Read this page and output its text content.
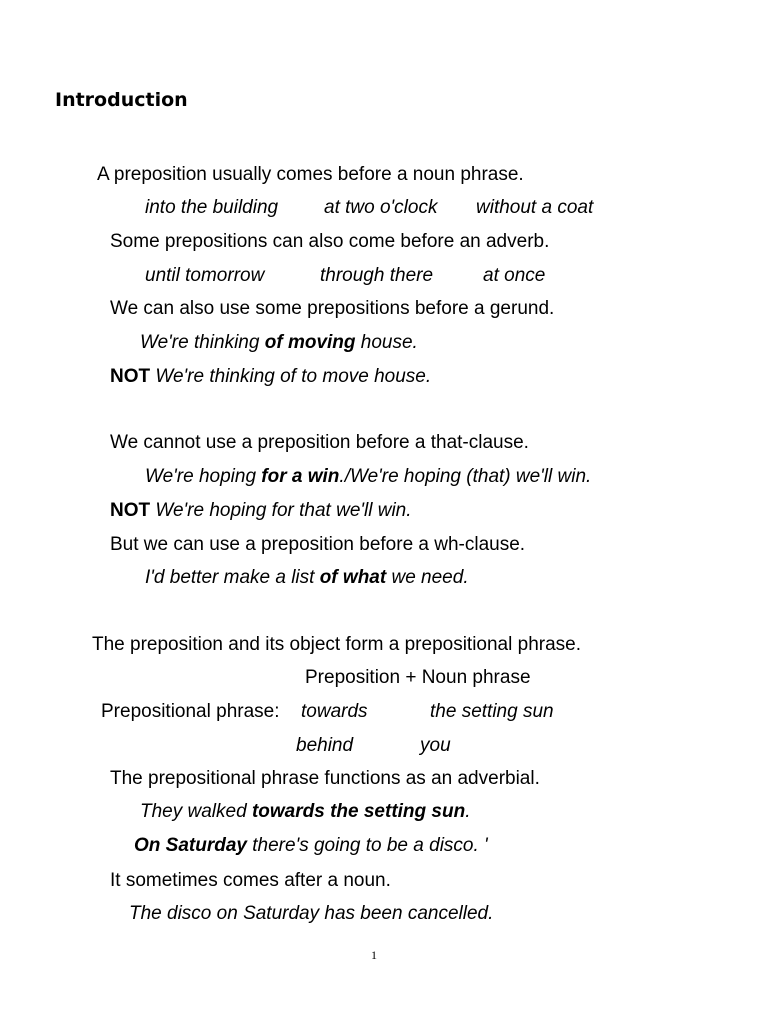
Introduction
A preposition usually comes before a noun phrase.
into the building at two o'clock without a coat
Some prepositions can also come before an adverb.
until tomorrow	through there	at once
We can also use some prepositions before a gerund.
We're thinking of moving house.
NOT We're thinking of to move house.
We cannot use a preposition before a that-clause.
We're hoping for a win./We're hoping (that) we'll win.
NOT We're hoping for that we'll win.
But we can use a preposition before a wh-clause.
I'd better make a list of what we need.
The preposition and its object form a prepositional phrase.
Preposition + Noun phrase
Prepositional phrase: towards	the setting sun
behind	you
The prepositional phrase functions as an adverbial.
They walked towards the setting sun.
On Saturday there's going to be a disco. '
It sometimes comes after a noun.
The disco on Saturday has been cancelled.
1
